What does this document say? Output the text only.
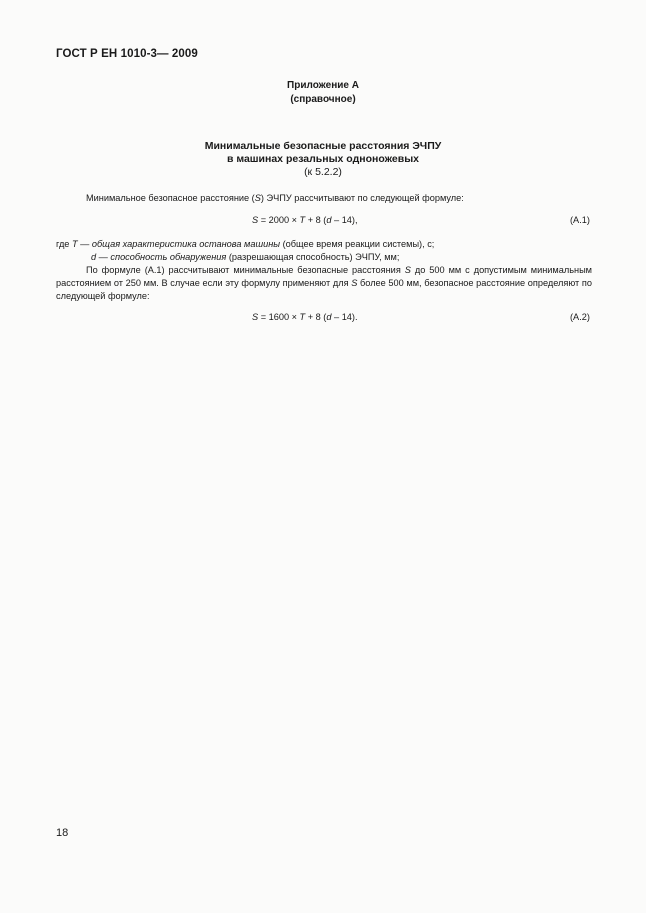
ГОСТ Р ЕН 1010-3— 2009
Приложение А
(справочное)
Минимальные безопасные расстояния ЭЧПУ
в машинах резальных одноножевых
(к 5.2.2)
Минимальное безопасное расстояние (S) ЭЧПУ рассчитывают по следующей формуле:
S = 2000 × T + 8 (d – 14),	(А.1)
где T — общая характеристика останова машины (общее время реакции системы), с;
d — способность обнаружения (разрешающая способность) ЭЧПУ, мм;
По формуле (А.1) рассчитывают минимальные безопасные расстояния S до 500 мм с допустимым минимальным расстоянием от 250 мм. В случае если эту формулу применяют для S более 500 мм, безопасное расстояние определяют по следующей формуле:
S = 1600 × T + 8 (d – 14).	(А.2)
18
